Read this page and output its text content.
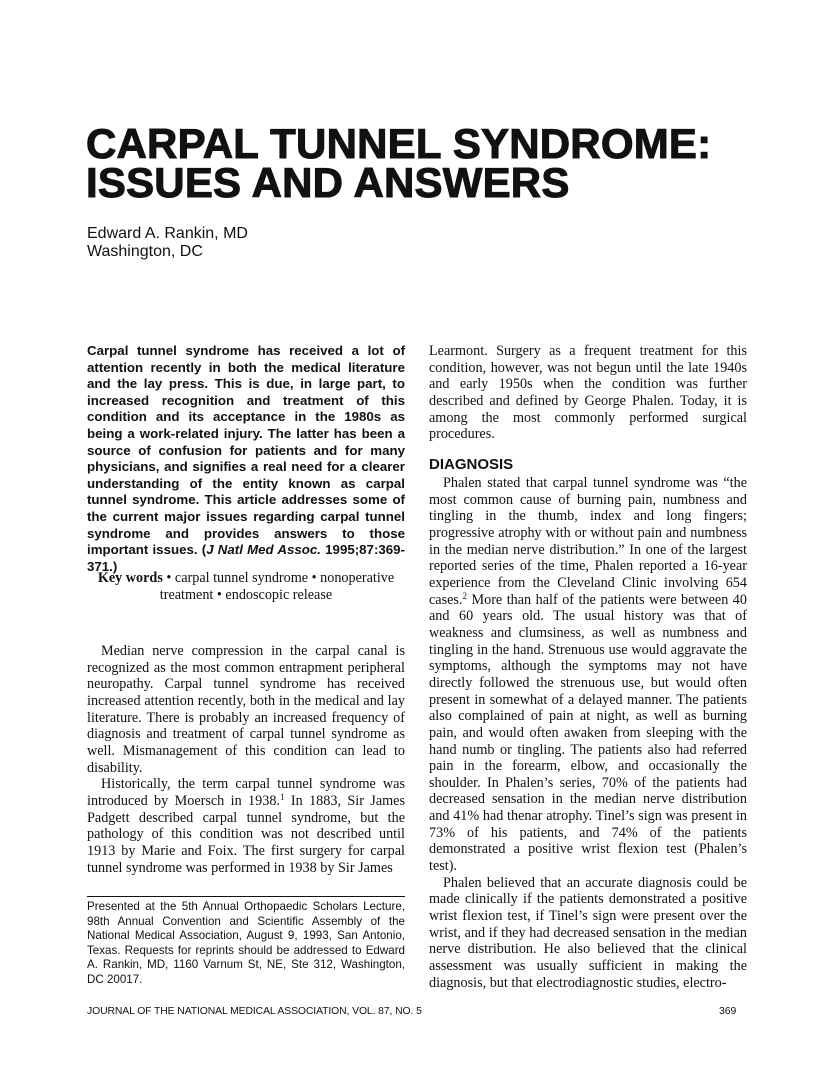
CARPAL TUNNEL SYNDROME:
ISSUES AND ANSWERS
Edward A. Rankin, MD
Washington, DC

Carpal tunnel syndrome has received a lot of attention recently in both the medical literature and the lay press. This is due, in large part, to increased recognition and treatment of this condition and its acceptance in the 1980s as being a work-related injury. The latter has been a source of confusion for patients and for many physicians, and signifies a real need for a clearer understanding of the entity known as carpal tunnel syndrome. This article addresses some of the current major issues regarding carpal tunnel syndrome and provides answers to those important issues. (J Natl Med Assoc. 1995;87:369-371.)

Key words • carpal tunnel syndrome • nonoperative treatment • endoscopic release

Median nerve compression in the carpal canal is recognized as the most common entrapment peripheral neuropathy. Carpal tunnel syndrome has received increased attention recently, both in the medical and lay literature. There is probably an increased frequency of diagnosis and treatment of carpal tunnel syndrome as well. Mismanagement of this condition can lead to disability.

Historically, the term carpal tunnel syndrome was introduced by Moersch in 1938.$^1$ In 1883, Sir James Padgett described carpal tunnel syndrome, but the pathology of this condition was not described until 1913 by Marie and Foix. The first surgery for carpal tunnel syndrome was performed in 1938 by Sir James

Presented at the 5th Annual Orthopaedic Scholars Lecture, 98th Annual Convention and Scientific Assembly of the National Medical Association, August 9, 1993, San Antonio, Texas. Requests for reprints should be addressed to Edward A. Rankin, MD, 1160 Varnum St, NE, Ste 312, Washington, DC 20017.

Learmont. Surgery as a frequent treatment for this condition, however, was not begun until the late 1940s and early 1950s when the condition was further described and defined by George Phalen. Today, it is among the most commonly performed surgical procedures.

DIAGNOSIS

Phalen stated that carpal tunnel syndrome was “the most common cause of burning pain, numbness and tingling in the thumb, index and long fingers; progressive atrophy with or without pain and numbness in the median nerve distribution.” In one of the largest reported series of the time, Phalen reported a 16-year experience from the Cleveland Clinic involving 654 cases.$^2$ More than half of the patients were between 40 and 60 years old. The usual history was that of weakness and clumsiness, as well as numbness and tingling in the hand. Strenuous use would aggravate the symptoms, although the symptoms may not have directly followed the strenuous use, but would often present in somewhat of a delayed manner. The patients also complained of pain at night, as well as burning pain, and would often awaken from sleeping with the hand numb or tingling. The patients also had referred pain in the forearm, elbow, and occasionally the shoulder. In Phalen’s series, 70% of the patients had decreased sensation in the median nerve distribution and 41% had thenar atrophy. Tinel’s sign was present in 73% of his patients, and 74% of the patients demonstrated a positive wrist flexion test (Phalen’s test).

Phalen believed that an accurate diagnosis could be made clinically if the patients demonstrated a positive wrist flexion test, if Tinel’s sign were present over the wrist, and if they had decreased sensation in the median nerve distribution. He also believed that the clinical assessment was usually sufficient in making the diagnosis, but that electrodiagnostic studies, electro-

JOURNAL OF THE NATIONAL MEDICAL ASSOCIATION, VOL. 87, NO. 5	369
